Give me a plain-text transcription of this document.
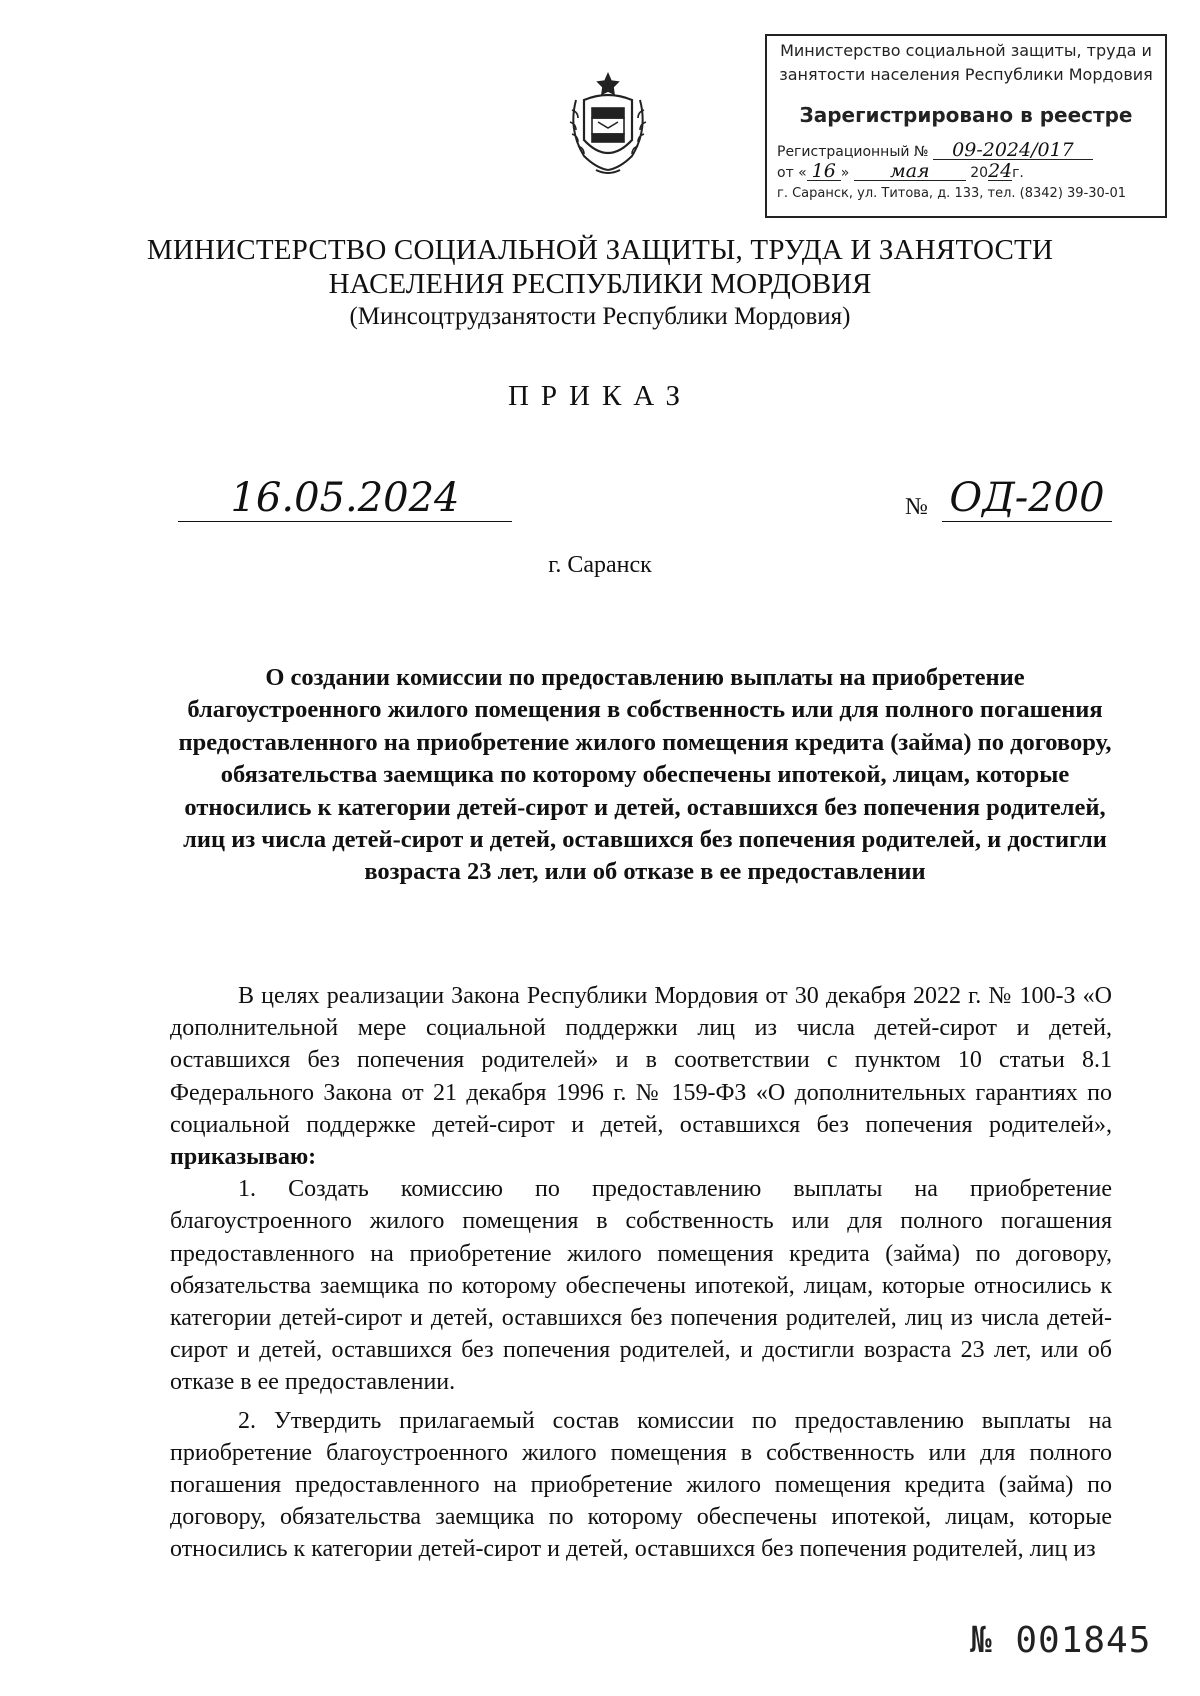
Министерство социальной защиты, труда и
занятости населения Республики Мордовия
Зарегистрировано в реестре
Регистрационный № 09-2024/017
от « 16 » мая	2024г.
г. Саранск, ул. Титова, д. 133, тел. (8342) 39-30-01
МИНИСТЕРСТВО СОЦИАЛЬНОЙ ЗАЩИТЫ, ТРУДА И ЗАНЯТОСТИ
НАСЕЛЕНИЯ РЕСПУБЛИКИ МОРДОВИЯ
(Минсоцтрудзанятости Республики Мордовия)
ПРИКАЗ
16.05.2024	№ ОД-200
г. Саранск
О создании комиссии по предоставлению выплаты на приобретение благоустроенного жилого помещения в собственность или для полного погашения предоставленного на приобретение жилого помещения кредита (займа) по договору, обязательства заемщика по которому обеспечены ипотекой, лицам, которые относились к категории детей-сирот и детей, оставшихся без попечения родителей, лиц из числа детей-сирот и детей, оставшихся без попечения родителей, и достигли возраста 23 лет, или об отказе в ее предоставлении

В целях реализации Закона Республики Мордовия от 30 декабря 2022 г. № 100-З «О дополнительной мере социальной поддержки лиц из числа детей-сирот и детей, оставшихся без попечения родителей» и в соответствии с пунктом 10 статьи 8.1 Федерального Закона от 21 декабря 1996 г. № 159-ФЗ «О дополнительных гарантиях по социальной поддержке детей-сирот и детей, оставшихся без попечения родителей», приказываю:

1. Создать комиссию по предоставлению выплаты на приобретение благоустроенного жилого помещения в собственность или для полного погашения предоставленного на приобретение жилого помещения кредита (займа) по договору, обязательства заемщика по которому обеспечены ипотекой, лицам, которые относились к категории детей-сирот и детей, оставшихся без попечения родителей, лиц из числа детей-сирот и детей, оставшихся без попечения родителей, и достигли возраста 23 лет, или об отказе в ее предоставлении.

2. Утвердить прилагаемый состав комиссии по предоставлению выплаты на приобретение благоустроенного жилого помещения в собственность или для полного погашения предоставленного на приобретение жилого помещения кредита (займа) по договору, обязательства заемщика по которому обеспечены ипотекой, лицам, которые относились к категории детей-сирот и детей, оставшихся без попечения родителей, лиц из

№ 001845
